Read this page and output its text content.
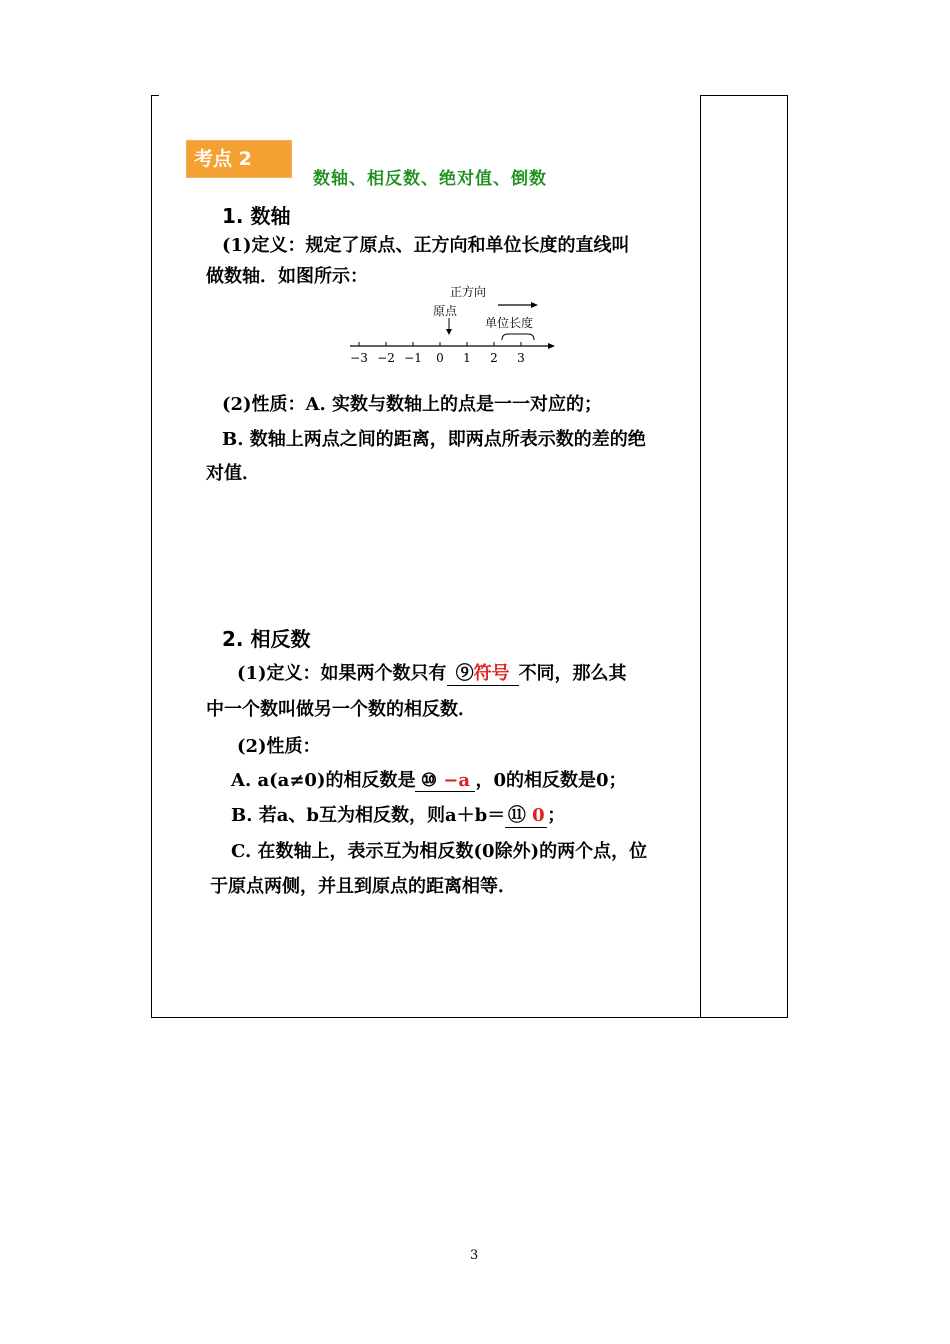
考点 2
数轴、相反数、绝对值、倒数
1. 数轴
(1)定义：规定了原点、正方向和单位长度的直线叫
做数轴．如图所示：
正方向
原点
单位长度
−3 −2 −1 0 1 2 3
(2)性质：A. 实数与数轴上的点是一一对应的；
B. 数轴上两点之间的距离，即两点所表示数的差的绝
对值．
2. 相反数
(1)定义：如果两个数只有 ⑨符号 不同，那么其
中一个数叫做另一个数的相反数．
(2)性质：
A. a(a≠0)的相反数是 ⑩ −a ，0的相反数是0；
B. 若a、b互为相反数，则a＋b＝ ⑪ 0 ；
C. 在数轴上，表示互为相反数(0除外)的两个点，位
于原点两侧，并且到原点的距离相等．
3
